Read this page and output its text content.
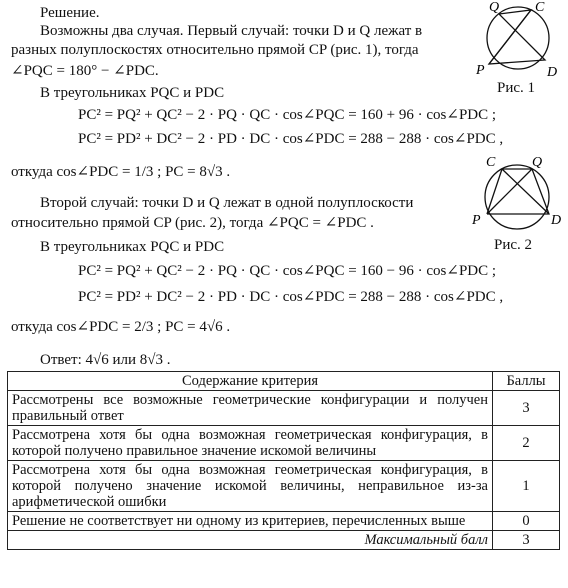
Решение.
Возможны два случая. Первый случай: точки D и Q лежат в
разных полуплоскостях относительно прямой CP (рис. 1), тогда
∠PQC = 180° − ∠PDC.
В треугольниках PQC и PDC
PC² = PQ² + QC² − 2 · PQ · QC · cos∠PQC = 160 + 96 · cos∠PDC ;
PC² = PD² + DC² − 2 · PD · DC · cos∠PDC = 288 − 288 · cos∠PDC ,
откуда cos∠PDC = 1/3 ; PC = 8√3 .
Второй случай: точки D и Q лежат в одной полуплоскости
относительно прямой CP (рис. 2), тогда ∠PQC = ∠PDC .
В треугольниках PQC и PDC
PC² = PQ² + QC² − 2 · PQ · QC · cos∠PQC = 160 − 96 · cos∠PDC ;
PC² = PD² + DC² − 2 · PD · DC · cos∠PDC = 288 − 288 · cos∠PDC ,
откуда cos∠PDC = 2/3 ; PC = 4√6 .
Ответ: 4√6 или 8√3 .
Q	C
P	D
Рис. 1
C	Q
P	D
Рис. 2
Содержание критерия	Баллы
Рассмотрены все возможные геометрические конфигурации и получен правильный ответ	3
Рассмотрена хотя бы одна возможная геометрическая конфигурация, в которой получено правильное значение искомой величины	2
Рассмотрена хотя бы одна возможная геометрическая конфигурация, в которой получено значение искомой величины, неправильное из-за арифметической ошибки	1
Решение не соответствует ни одному из критериев, перечисленных выше	0
Максимальный балл	3
